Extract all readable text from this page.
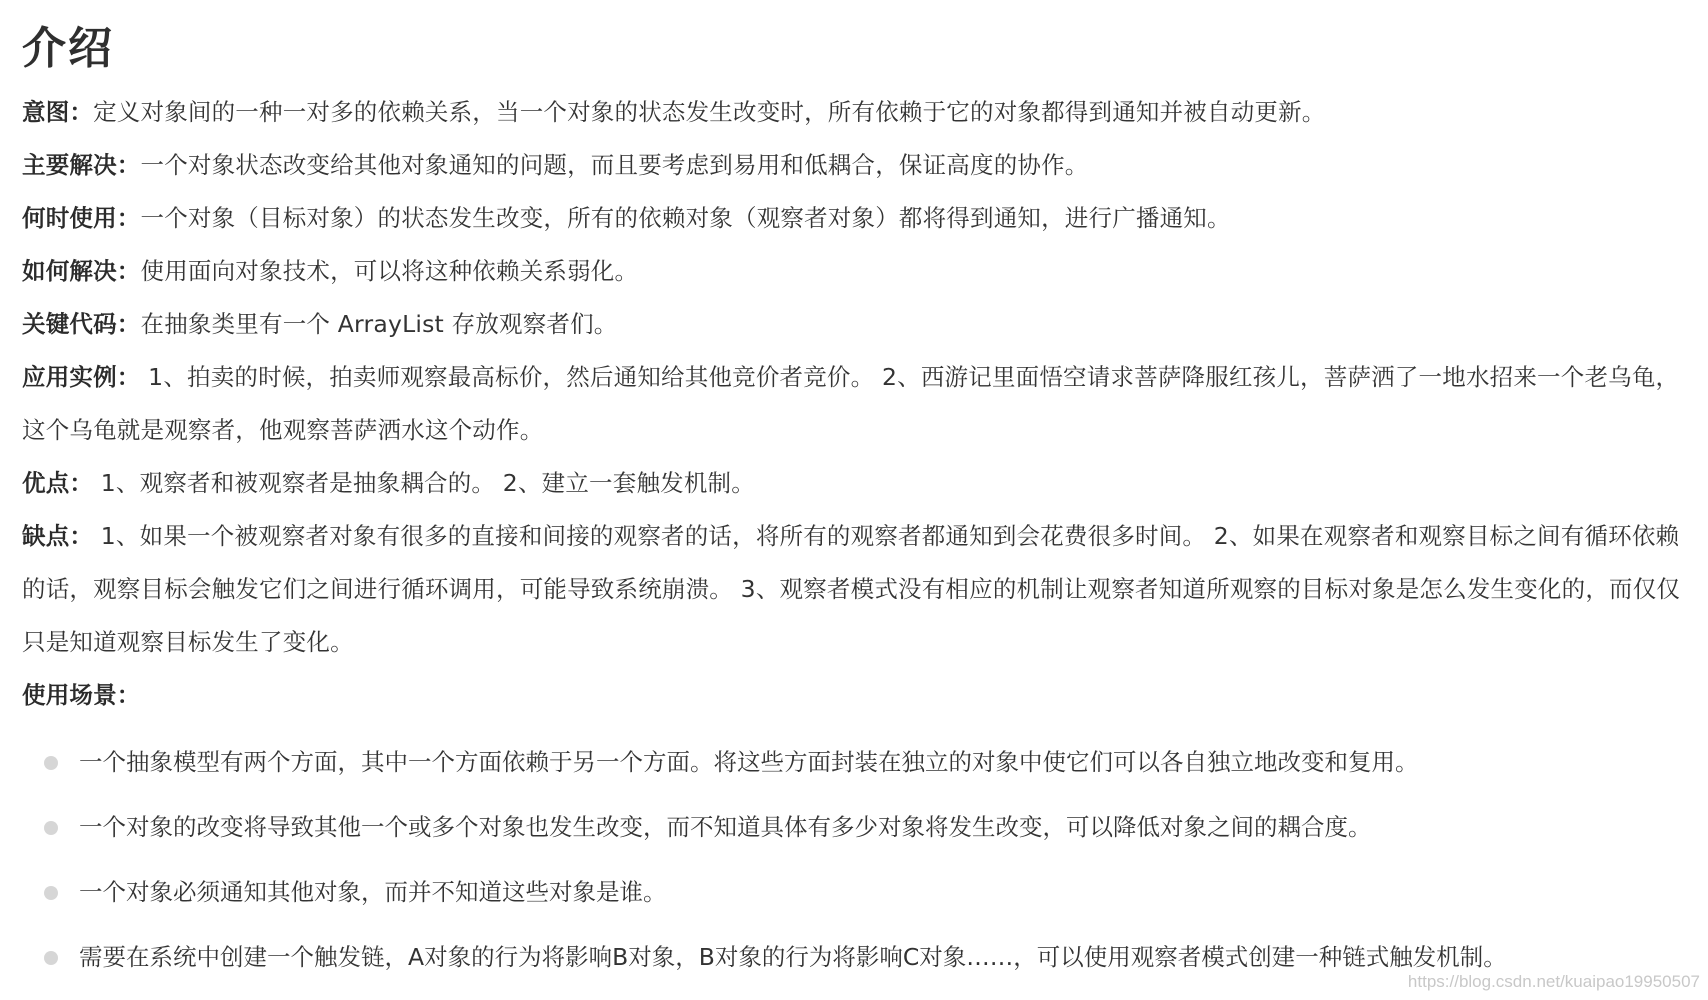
介绍

意图：定义对象间的一种一对多的依赖关系，当一个对象的状态发生改变时，所有依赖于它的对象都得到通知并被自动更新。

主要解决：一个对象状态改变给其他对象通知的问题，而且要考虑到易用和低耦合，保证高度的协作。

何时使用：一个对象（目标对象）的状态发生改变，所有的依赖对象（观察者对象）都将得到通知，进行广播通知。

如何解决：使用面向对象技术，可以将这种依赖关系弱化。

关键代码：在抽象类里有一个 ArrayList 存放观察者们。

应用实例： 1、拍卖的时候，拍卖师观察最高标价，然后通知给其他竞价者竞价。 2、西游记里面悟空请求菩萨降服红孩儿，菩萨洒了一地水招来一个老乌龟，这个乌龟就是观察者，他观察菩萨洒水这个动作。

优点： 1、观察者和被观察者是抽象耦合的。 2、建立一套触发机制。

缺点： 1、如果一个被观察者对象有很多的直接和间接的观察者的话，将所有的观察者都通知到会花费很多时间。 2、如果在观察者和观察目标之间有循环依赖的话，观察目标会触发它们之间进行循环调用，可能导致系统崩溃。 3、观察者模式没有相应的机制让观察者知道所观察的目标对象是怎么发生变化的，而仅仅只是知道观察目标发生了变化。

使用场景：

一个抽象模型有两个方面，其中一个方面依赖于另一个方面。将这些方面封装在独立的对象中使它们可以各自独立地改变和复用。
一个对象的改变将导致其他一个或多个对象也发生改变，而不知道具体有多少对象将发生改变，可以降低对象之间的耦合度。
一个对象必须通知其他对象，而并不知道这些对象是谁。
需要在系统中创建一个触发链，A对象的行为将影响B对象，B对象的行为将影响C对象……，可以使用观察者模式创建一种链式触发机制。
https://blog.csdn.net/kuaipao19950507
